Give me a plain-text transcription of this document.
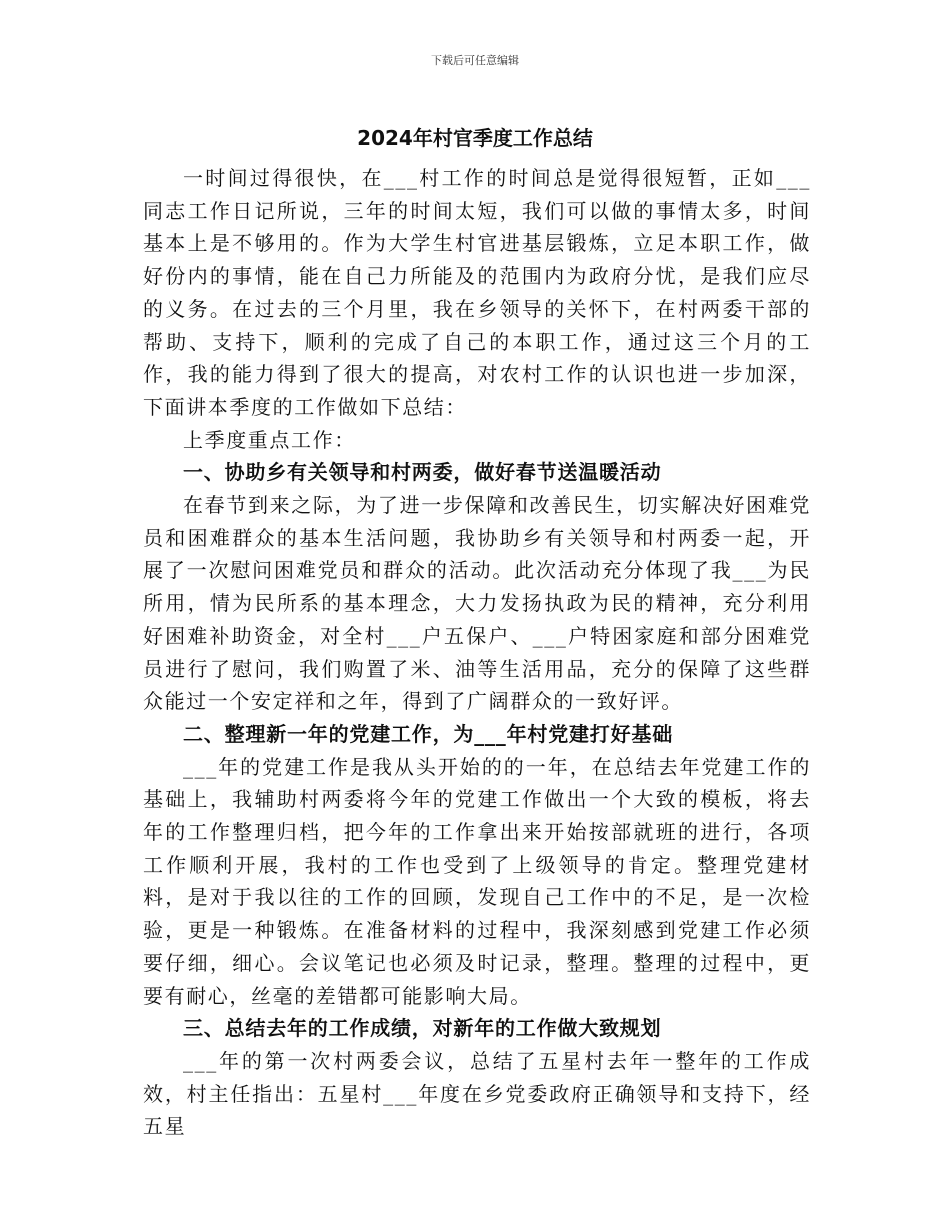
下载后可任意编辑
2024年村官季度工作总结

一时间过得很快，在___村工作的时间总是觉得很短暂，正如___同志工作日记所说，三年的时间太短，我们可以做的事情太多，时间基本上是不够用的。作为大学生村官进基层锻炼，立足本职工作，做好份内的事情，能在自己力所能及的范围内为政府分忧，是我们应尽的义务。在过去的三个月里，我在乡领导的关怀下，在村两委干部的帮助、支持下，顺利的完成了自己的本职工作，通过这三个月的工作，我的能力得到了很大的提高，对农村工作的认识也进一步加深，下面讲本季度的工作做如下总结：

上季度重点工作：

一、协助乡有关领导和村两委，做好春节送温暖活动

在春节到来之际，为了进一步保障和改善民生，切实解决好困难党员和困难群众的基本生活问题，我协助乡有关领导和村两委一起，开展了一次慰问困难党员和群众的活动。此次活动充分体现了我___为民所用，情为民所系的基本理念，大力发扬执政为民的精神，充分利用好困难补助资金，对全村___户五保户、___户特困家庭和部分困难党员进行了慰问，我们购置了米、油等生活用品，充分的保障了这些群众能过一个安定祥和之年，得到了广阔群众的一致好评。

二、整理新一年的党建工作，为___年村党建打好基础

___年的党建工作是我从头开始的的一年，在总结去年党建工作的基础上，我辅助村两委将今年的党建工作做出一个大致的模板，将去年的工作整理归档，把今年的工作拿出来开始按部就班的进行，各项工作顺利开展，我村的工作也受到了上级领导的肯定。整理党建材料，是对于我以往的工作的回顾，发现自己工作中的不足，是一次检验，更是一种锻炼。在准备材料的过程中，我深刻感到党建工作必须要仔细，细心。会议笔记也必须及时记录，整理。整理的过程中，更要有耐心，丝毫的差错都可能影响大局。

三、总结去年的工作成绩，对新年的工作做大致规划

___年的第一次村两委会议，总结了五星村去年一整年的工作成效，村主任指出：五星村___年度在乡党委政府正确领导和支持下，经五星
